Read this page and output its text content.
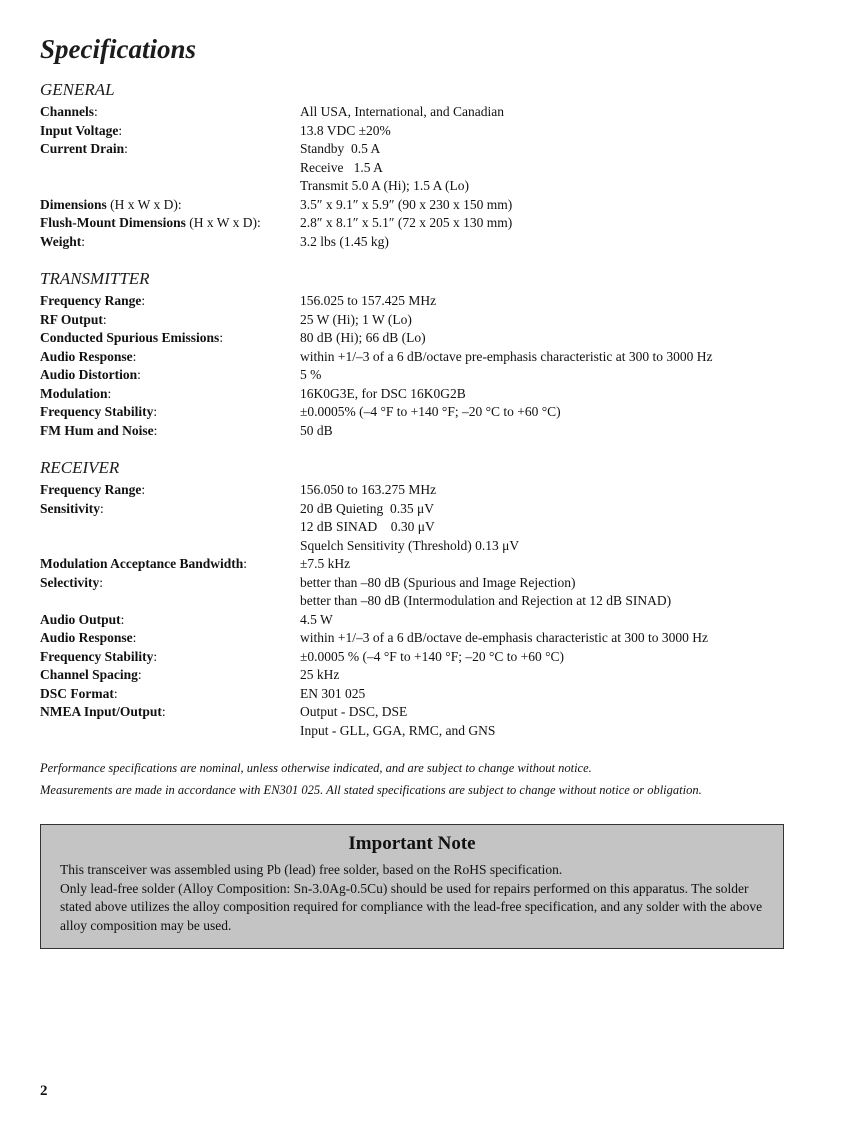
Specifications
GENERAL
Channels:	All USA, International, and Canadian
Input Voltage:	13.8 VDC ±20%
Current Drain:	Standby  0.5 A
Receive   1.5 A
Transmit 5.0 A (Hi); 1.5 A (Lo)
Dimensions (H x W x D):	3.5″ x 9.1″ x 5.9″ (90 x 230 x 150 mm)
Flush-Mount Dimensions (H x W x D):	2.8″ x 8.1″ x 5.1″ (72 x 205 x 130 mm)
Weight:	3.2 lbs (1.45 kg)
TRANSMITTER
Frequency Range:	156.025 to 157.425 MHz
RF Output:	25 W (Hi); 1 W (Lo)
Conducted Spurious Emissions:	80 dB (Hi); 66 dB (Lo)
Audio Response:	within +1/–3 of a 6 dB/octave pre-emphasis characteristic at 300 to 3000 Hz
Audio Distortion:	5 %
Modulation:	16K0G3E, for DSC 16K0G2B
Frequency Stability:	±0.0005% (–4 °F to +140 °F; –20 °C to +60 °C)
FM Hum and Noise:	50 dB
RECEIVER
Frequency Range:	156.050 to 163.275 MHz
Sensitivity:	20 dB Quieting  0.35 μV
12 dB SINAD    0.30 μV
Squelch Sensitivity (Threshold) 0.13 μV
Modulation Acceptance Bandwidth:	±7.5 kHz
Selectivity:	better than –80 dB (Spurious and Image Rejection)
better than –80 dB (Intermodulation and Rejection at 12 dB SINAD)
Audio Output:	4.5 W
Audio Response:	within +1/–3 of a 6 dB/octave de-emphasis characteristic at 300 to 3000 Hz
Frequency Stability:	±0.0005 % (–4 °F to +140 °F; –20 °C to +60 °C)
Channel Spacing:	25 kHz
DSC Format:	EN 301 025
NMEA Input/Output:	Output - DSC, DSE
Input - GLL, GGA, RMC, and GNS

Performance specifications are nominal, unless otherwise indicated, and are subject to change without notice.

Measurements are made in accordance with EN301 025. All stated specifications are subject to change without notice or obligation.

Important Note

This transceiver was assembled using Pb (lead) free solder, based on the RoHS specification.

Only lead-free solder (Alloy Composition: Sn-3.0Ag-0.5Cu) should be used for repairs performed on this apparatus. The solder stated above utilizes the alloy composition required for compliance with the lead-free specification, and any solder with the above alloy composition may be used.

2
